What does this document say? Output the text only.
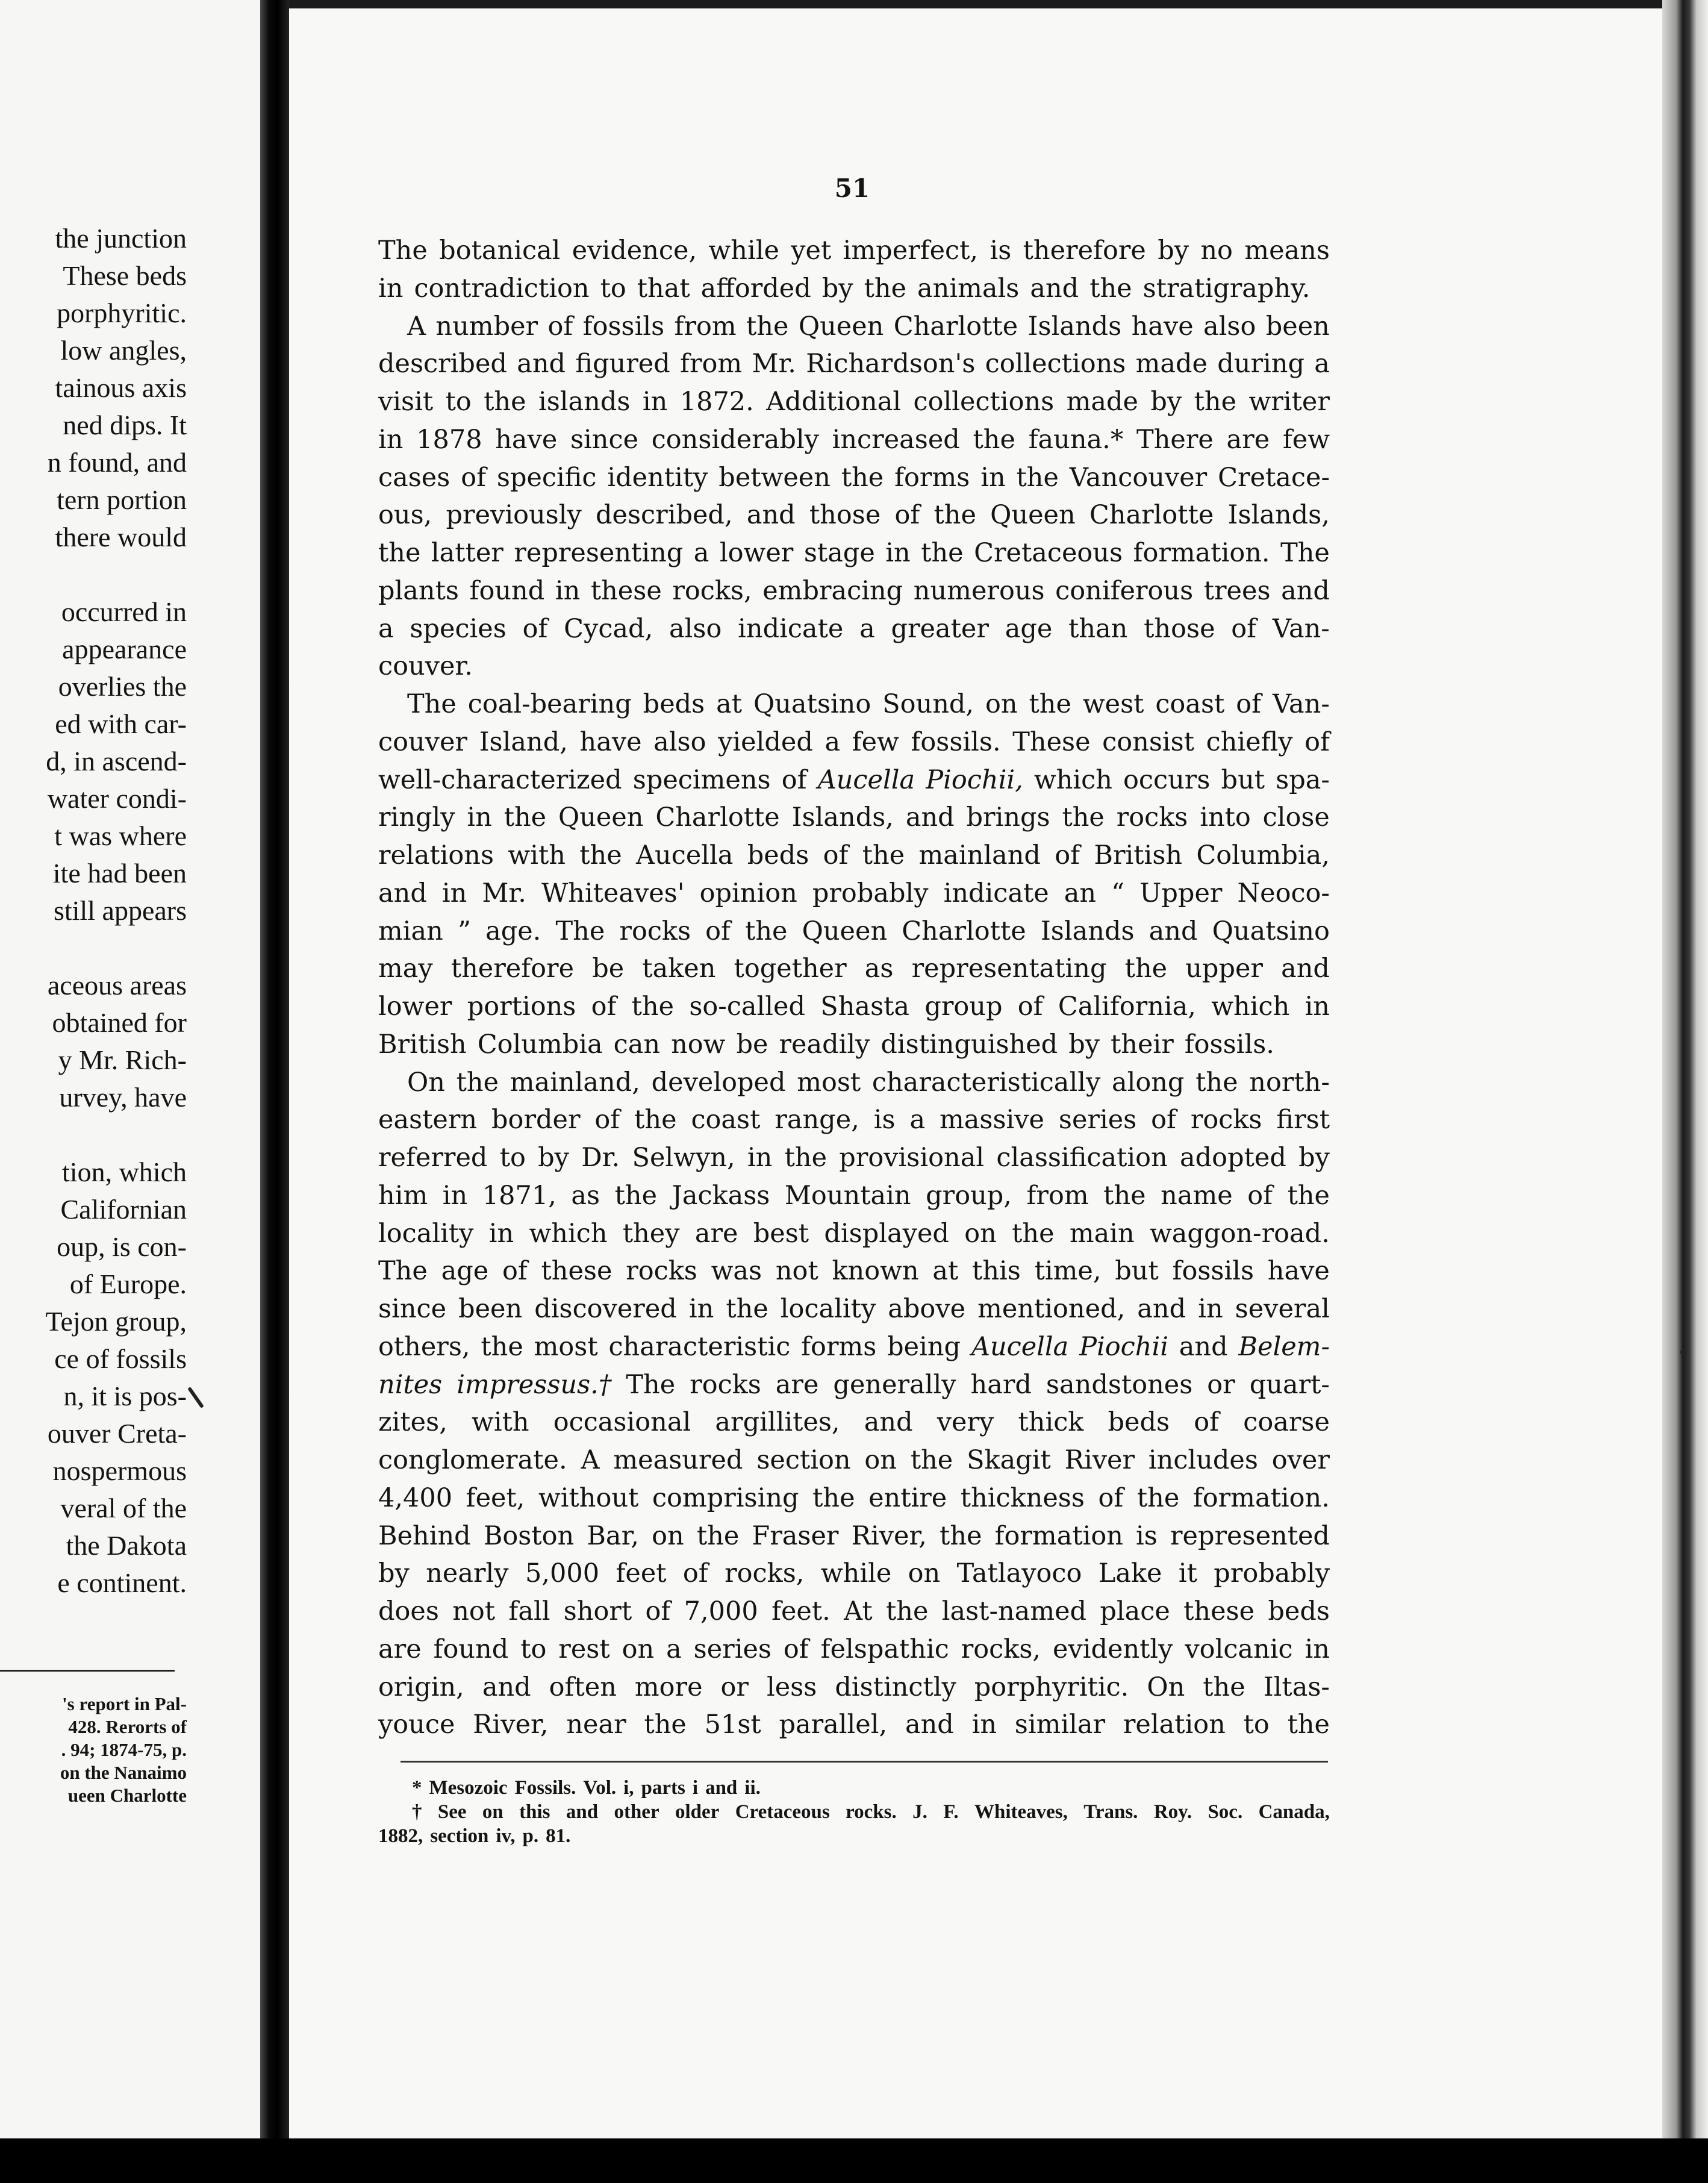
the junction
These beds
porphyritic.
low angles,
tainous axis
ned dips. It
n found, and
tern portion
there would
occurred in
appearance
overlies the
ed with car-
d, in ascend-
water condi-
t was where
ite had been
still appears
aceous areas
obtained for
y Mr. Rich-
urvey, have
tion, which
Californian
oup, is con-
of Europe.
Tejon group,
ce of fossils
n, it is pos-
ouver Creta-
nospermous
veral of the
the Dakota
e continent.
's report in Pal-
428. Rerorts of
. 94; 1874-75, p.
on the Nanaimo
ueen Charlotte
51
The botanical evidence, while yet imperfect, is therefore by no means
in contradiction to that afforded by the animals and the stratigraphy.
A number of fossils from the Queen Charlotte Islands have also been
described and figured from Mr. Richardson's collections made during a
visit to the islands in 1872. Additional collections made by the writer
in 1878 have since considerably increased the fauna.* There are few
cases of specific identity between the forms in the Vancouver Cretace-
ous, previously described, and those of the Queen Charlotte Islands,
the latter representing a lower stage in the Cretaceous formation. The
plants found in these rocks, embracing numerous coniferous trees and
a species of Cycad, also indicate a greater age than those of Van-
couver.
The coal-bearing beds at Quatsino Sound, on the west coast of Van-
couver Island, have also yielded a few fossils. These consist chiefly of
well-characterized specimens of Aucella Piochii, which occurs but spa-
ringly in the Queen Charlotte Islands, and brings the rocks into close
relations with the Aucella beds of the mainland of British Columbia,
and in Mr. Whiteaves' opinion probably indicate an “ Upper Neoco-
mian ” age. The rocks of the Queen Charlotte Islands and Quatsino
may therefore be taken together as representating the upper and
lower portions of the so-called Shasta group of California, which in
British Columbia can now be readily distinguished by their fossils.
On the mainland, developed most characteristically along the north-
eastern border of the coast range, is a massive series of rocks first
referred to by Dr. Selwyn, in the provisional classification adopted by
him in 1871, as the Jackass Mountain group, from the name of the
locality in which they are best displayed on the main waggon-road.
The age of these rocks was not known at this time, but fossils have
since been discovered in the locality above mentioned, and in several
others, the most characteristic forms being Aucella Piochii and Belem-
nites impressus.† The rocks are generally hard sandstones or quart-
zites, with occasional argillites, and very thick beds of coarse
conglomerate. A measured section on the Skagit River includes over
4,400 feet, without comprising the entire thickness of the formation.
Behind Boston Bar, on the Fraser River, the formation is represented
by nearly 5,000 feet of rocks, while on Tatlayoco Lake it probably
does not fall short of 7,000 feet. At the last-named place these beds
are found to rest on a series of felspathic rocks, evidently volcanic in
origin, and often more or less distinctly porphyritic. On the Iltas-
youce River, near the 51st parallel, and in similar relation to the
* Mesozoic Fossils. Vol. i, parts i and ii.
† See on this and other older Cretaceous rocks. J. F. Whiteaves, Trans. Roy. Soc. Canada,
1882, section iv, p. 81.
